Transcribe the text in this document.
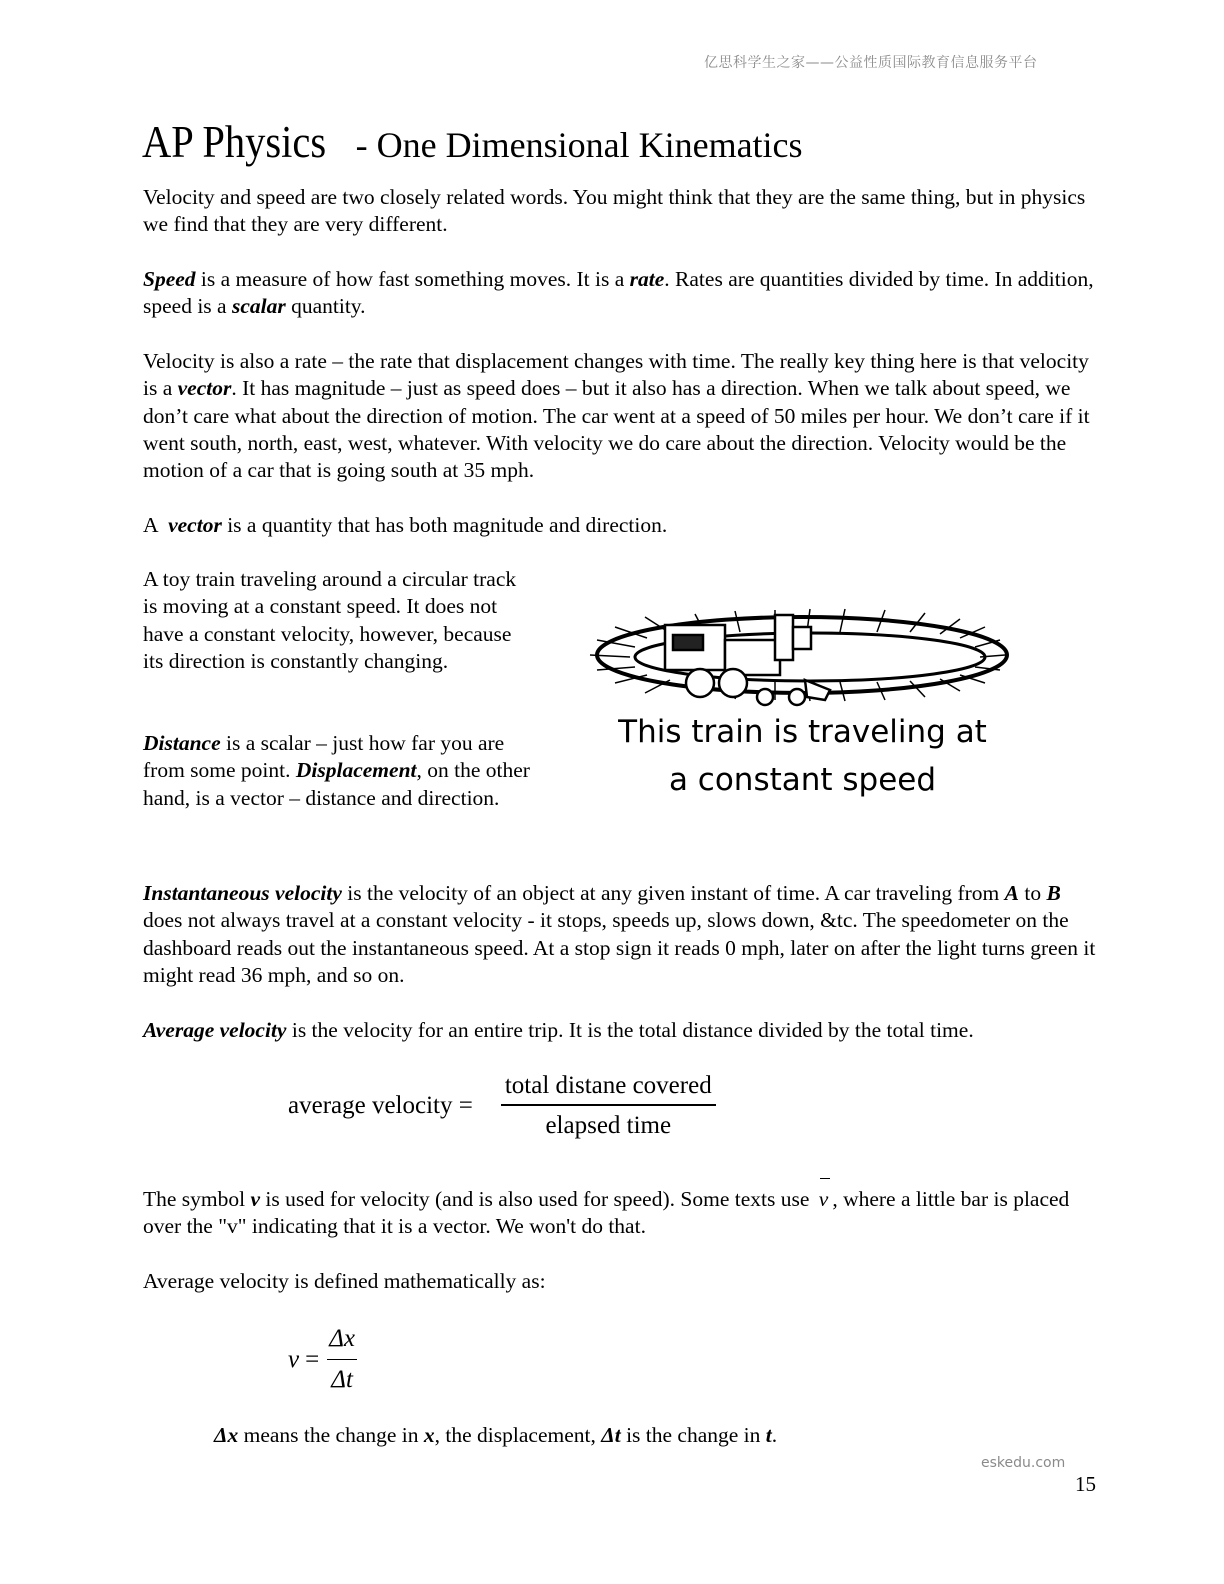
亿思科学生之家——公益性质国际教育信息服务平台
AP Physics - One Dimensional Kinematics

Velocity and speed are two closely related words. You might think that they are the same thing, but in physics we find that they are very different.

Speed is a measure of how fast something moves. It is a rate. Rates are quantities divided by time. In addition, speed is a scalar quantity.

Velocity is also a rate – the rate that displacement changes with time. The really key thing here is that velocity is a vector. It has magnitude – just as speed does – but it also has a direction. When we talk about speed, we don’t care what about the direction of motion. The car went at a speed of 50 miles per hour. We don’t care if it went south, north, east, west, whatever. With velocity we do care about the direction. Velocity would be the motion of a car that is going south at 35 mph.

A  vector is a quantity that has both magnitude and direction.

A toy train traveling around a circular track is moving at a constant speed. It does not have a constant velocity, however, because its direction is constantly changing.

Distance is a scalar – just how far you are from some point. Displacement, on the other hand, is a vector – distance and direction.

This train is traveling at
a constant speed

Instantaneous velocity is the velocity of an object at any given instant of time. A car traveling from A to B does not always travel at a constant velocity - it stops, speeds up, slows down, &tc. The speedometer on the dashboard reads out the instantaneous speed. At a stop sign it reads 0 mph, later on after the light turns green it might read 36 mph, and so on.

Average velocity is the velocity for an entire trip. It is the total distance divided by the total time.

average velocity = $\frac{\text{total distane covered}}{\text{elapsed time}}$

The symbol v is used for velocity (and is also used for speed). Some texts use v , where a little bar is placed over the "v" indicating that it is a vector. We won't do that.

Average velocity is defined mathematically as:

$v = \frac{\Delta x}{\Delta t}$

Δx means the change in x, the displacement, Δt is the change in t.

eskedu.com
15
